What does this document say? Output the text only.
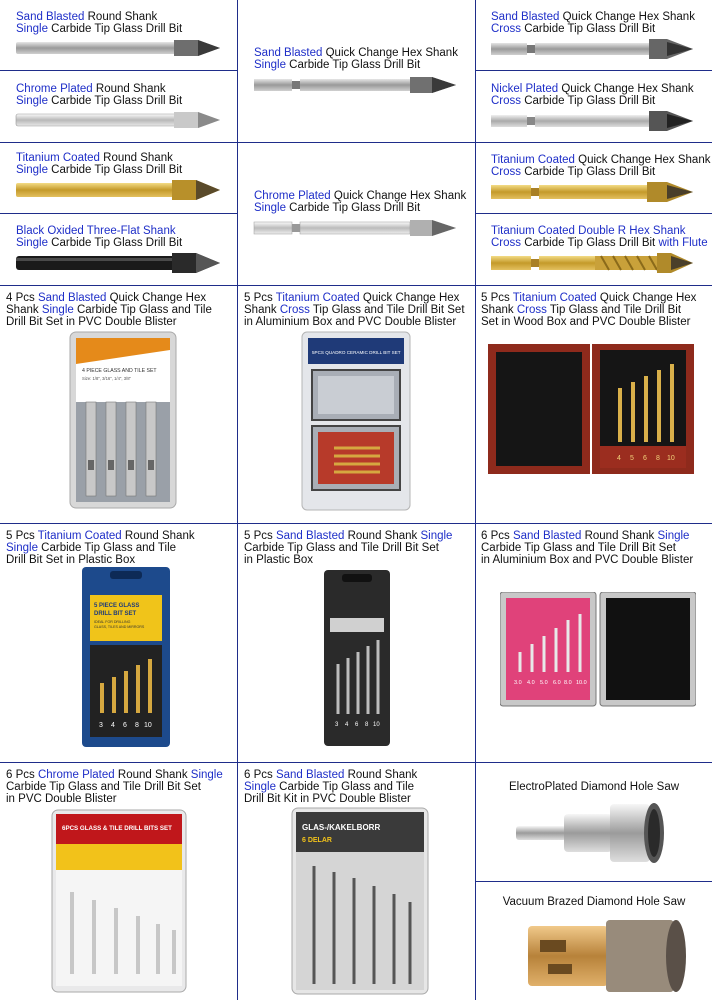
Sand Blasted Round Shank
Single Carbide Tip Glass Drill Bit
Chrome Plated Round Shank
Single Carbide Tip Glass Drill Bit
Titanium Coated Round Shank
Single Carbide Tip Glass Drill Bit
Black Oxided Three-Flat Shank
Single Carbide Tip Glass Drill Bit
Sand Blasted Quick Change Hex Shank
Single Carbide Tip Glass Drill Bit
Chrome Plated Quick Change Hex Shank
Single Carbide Tip Glass Drill Bit
Sand Blasted Quick Change Hex Shank
Cross Carbide Tip Glass Drill Bit
Nickel Plated Quick Change Hex Shank
Cross Carbide Tip Glass Drill Bit
Titanium Coated Quick Change Hex Shank
Cross Carbide Tip Glass Drill Bit
Titanium Coated Double R Hex Shank
Cross Carbide Tip Glass Drill Bit with Flute
4 Pcs Sand Blasted Quick Change Hex
Shank Single Carbide Tip Glass and Tile
Drill Bit Set in PVC Double Blister
4 PIECE GLASS AND TILE SET
Size: 1/8", 3/16", 1/4", 3/8"
5 Pcs Titanium Coated Quick Change Hex
Shank Cross Tip Glass and Tile Drill Bit Set
in Aluminium Box and PVC Double Blister
5PCS QUADRO CERAMIC DRILL BIT SET
5 Pcs Titanium Coated Quick Change Hex
Shank Cross Tip Glass and Tile Drill Bit
Set in Wood Box and PVC Double Blister
4 5 6 8 10
5 Pcs Titanium Coated Round Shank
Single Carbide Tip Glass and Tile
Drill Bit Set in Plastic Box
5 PIECE GLASS
DRILL BIT SET
IDEAL FOR DRILLING
GLASS, TILES AND MIRRORS
3 4 6 8 10
5 Pcs Sand Blasted Round Shank Single
Carbide Tip Glass and Tile Drill Bit Set
in Plastic Box
3 4 6 8 10
6 Pcs Sand Blasted Round Shank Single
Carbide Tip Glass and Tile Drill Bit Set
in Aluminium Box and PVC Double Blister
3.0 4.0 5.0 6.0 8.0 10.0
6 Pcs Chrome Plated Round Shank Single
Carbide Tip Glass and Tile Drill Bit Set
in PVC Double Blister
6PCS GLASS & TILE DRILL BITS SET
6 Pcs Sand Blasted Round Shank
Single Carbide Tip Glass and Tile
Drill Bit Kit in PVC Double Blister
GLAS-/KAKELBORR
6 DELAR
ElectroPlated Diamond Hole Saw
Vacuum Brazed Diamond Hole Saw
